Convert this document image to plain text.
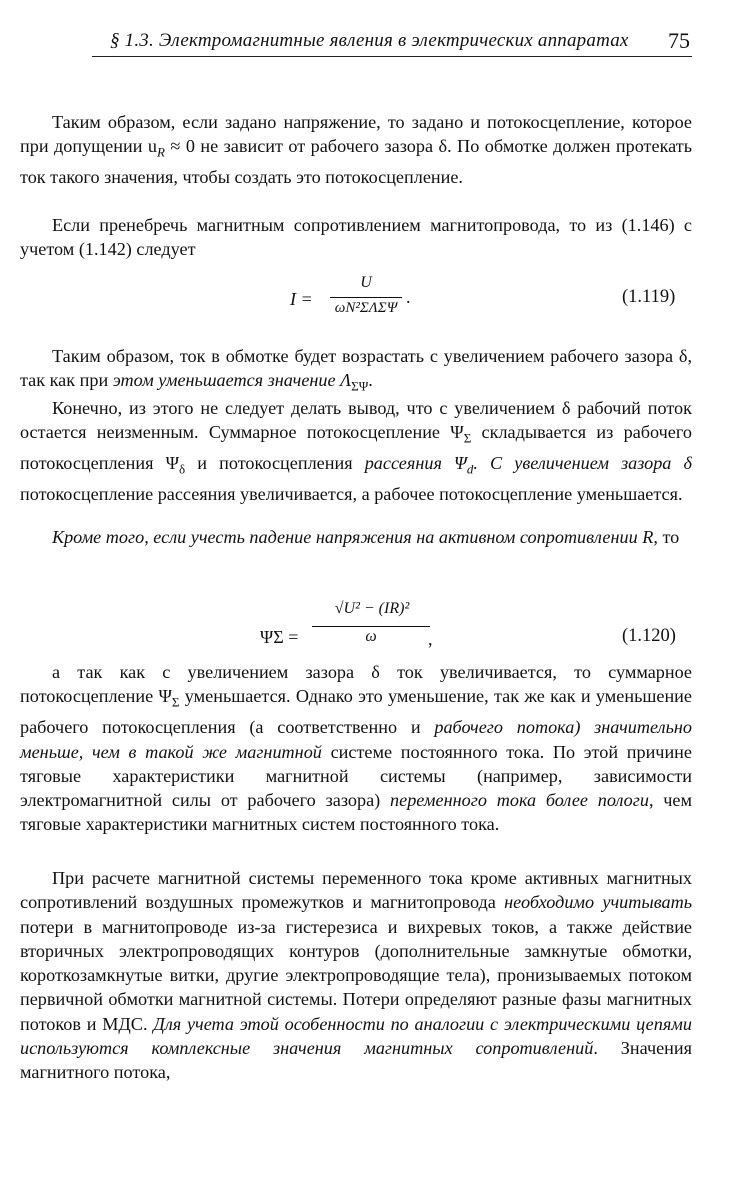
§ 1.3. Электромагнитные явления в электрических аппаратах 75
Таким образом, если задано напряжение, то задано и потокосцепление, которое при допущении $u_R \approx 0$ не зависит от рабочего зазора δ. По обмотке должен протекать ток такого значения, чтобы создать это потокосцепление.
Если пренебречь магнитным сопротивлением магнитопровода, то из (1.146) с учетом (1.142) следует
I =
U
ωN²ΣΛΣΨ
.	(1.119)
Таким образом, ток в обмотке будет возрастать с увеличением рабочего зазора δ, так как при этом уменьшается значение $\Lambda_{\Sigma\Psi}$.
Конечно, из этого не следует делать вывод, что с увеличением δ рабочий поток остается неизменным. Суммарное потокосцепление $\Psi_\Sigma$ складывается из рабочего потокосцепления $\Psi_\delta$ и потокосцепления рассеяния $\Psi_d$. С увеличением зазора δ потокосцепление рассеяния увеличивается, а рабочее потокосцепление уменьшается.
Кроме того, если учесть падение напряжения на активном сопротивлении R, то
ΨΣ =
√U² − (IR)²
ω	,	(1.120)
а так как с увеличением зазора δ ток увеличивается, то суммарное потокосцепление $\Psi_\Sigma$ уменьшается. Однако это уменьшение, так же как и уменьшение рабочего потокосцепления (а соответственно и рабочего потока) значительно меньше, чем в такой же магнитной системе постоянного тока. По этой причине тяговые характеристики магнитной системы (например, зависимости электромагнитной силы от рабочего зазора) переменного тока более пологи, чем тяговые характеристики магнитных систем постоянного тока.
При расчете магнитной системы переменного тока кроме активных магнитных сопротивлений воздушных промежутков и магнитопровода необходимо учитывать потери в магнитопроводе из-за гистерезиса и вихревых токов, а также действие вторичных электропроводящих контуров (дополнительные замкнутые обмотки, короткозамкнутые витки, другие электропроводящие тела), пронизываемых потоком первичной обмотки магнитной системы. Потери определяют разные фазы магнитных потоков и МДС. Для учета этой особенности по аналогии с электрическими цепями используются комплексные значения магнитных сопротивлений. Значения магнитного потока,
